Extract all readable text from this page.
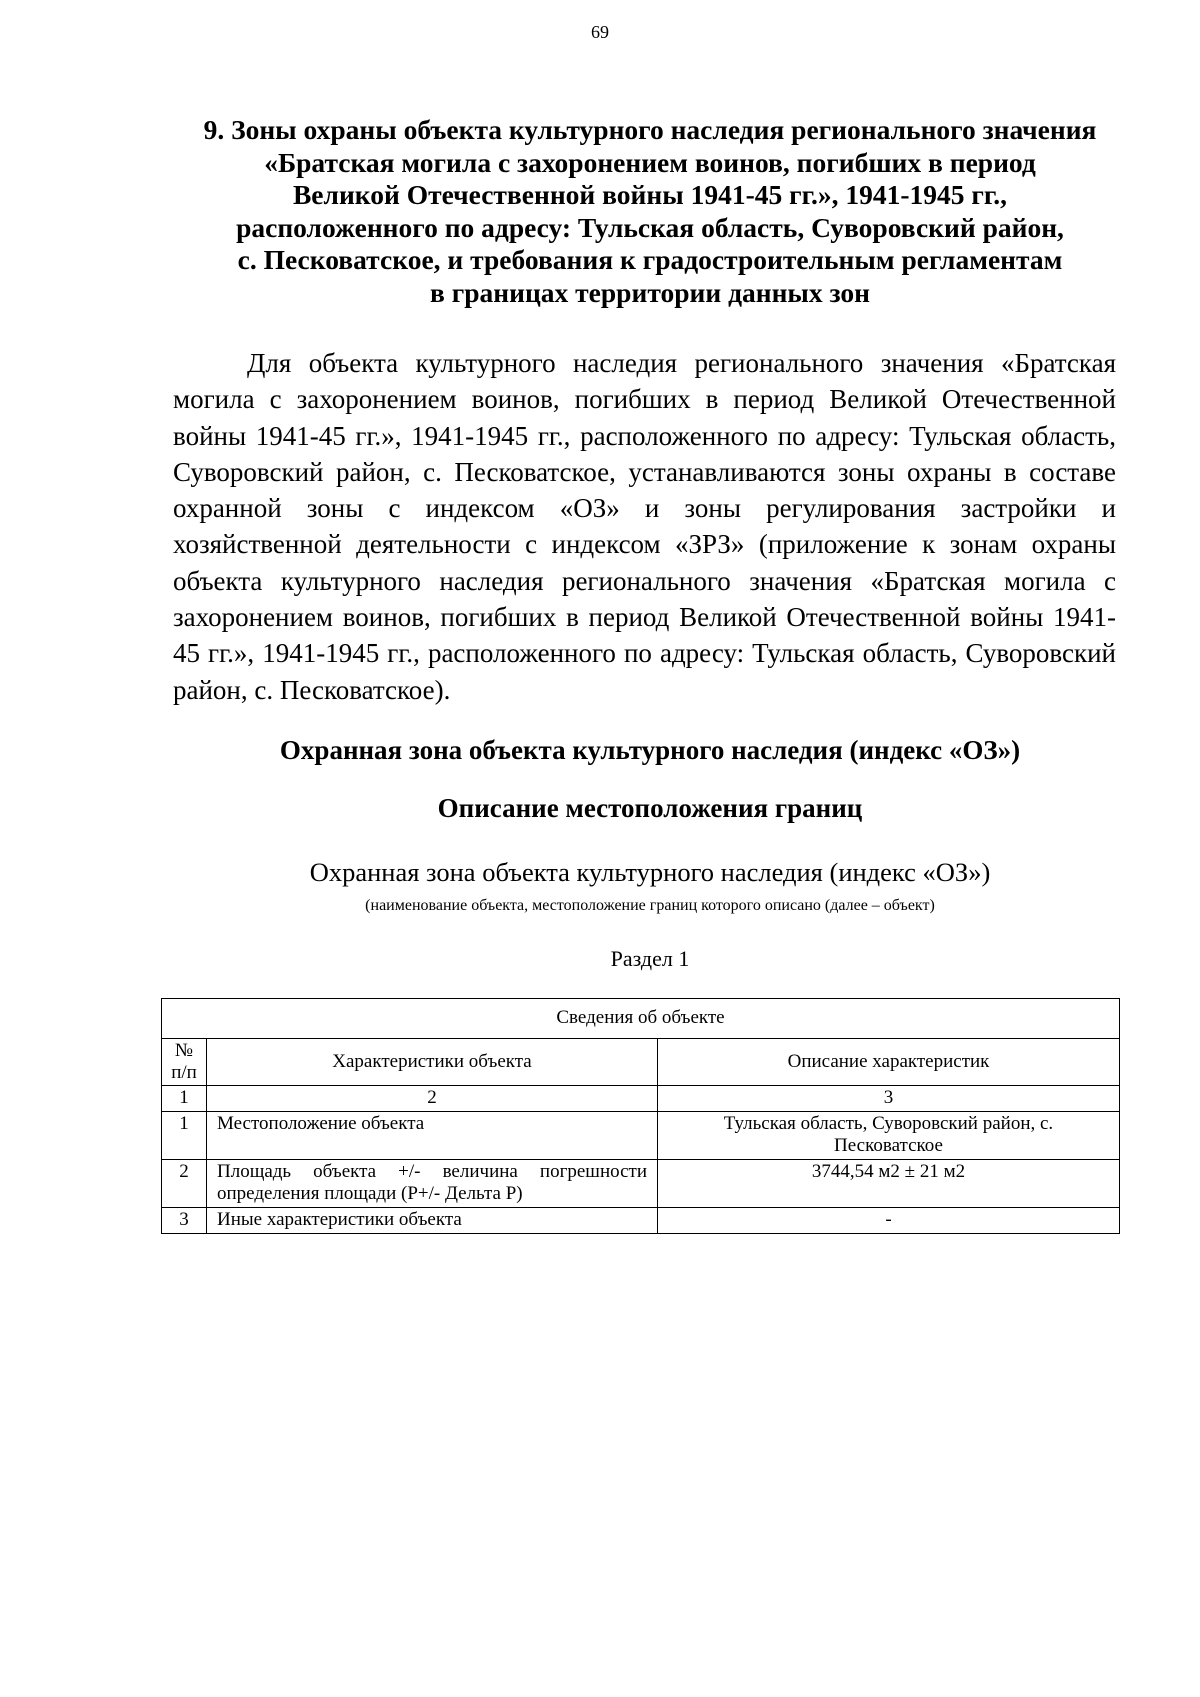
69
9. Зоны охраны объекта культурного наследия регионального значения
«Братская могила с захоронением воинов, погибших в период
Великой Отечественной войны 1941-45 гг.», 1941-1945 гг.,
расположенного по адресу: Тульская область, Суворовский район,
с. Песковатское, и требования к градостроительным регламентам
в границах территории данных зон

Для объекта культурного наследия регионального значения «Братская могила с захоронением воинов, погибших в период Великой Отечественной войны 1941-45 гг.», 1941-1945 гг., расположенного по адресу: Тульская область, Суворовский район, с. Песковатское, устанавливаются зоны охраны в составе охранной зоны с индексом «ОЗ» и зоны регулирования застройки и хозяйственной деятельности с индексом «ЗРЗ» (приложение к зонам охраны объекта культурного наследия регионального значения «Братская могила с захоронением воинов, погибших в период Великой Отечественной войны 1941-45 гг.», 1941-1945 гг., расположенного по адресу: Тульская область, Суворовский район, с. Песковатское).

Охранная зона объекта культурного наследия (индекс «ОЗ»)
Описание местоположения границ
Охранная зона объекта культурного наследия (индекс «ОЗ»)
(наименование объекта, местоположение границ которого описано (далее – объект)
Раздел 1
Сведения об объекте		
№ п/п	Характеристики объекта	Описание характеристик
1	2	3
1	Местоположение объекта	Тульская область, Суворовский район, с. Песковатское
2	Площадь объекта +/- величина погрешности определения площади (Р+/- Дельта Р)	3744,54 м2 ± 21 м2
3	Иные характеристики объекта	-
